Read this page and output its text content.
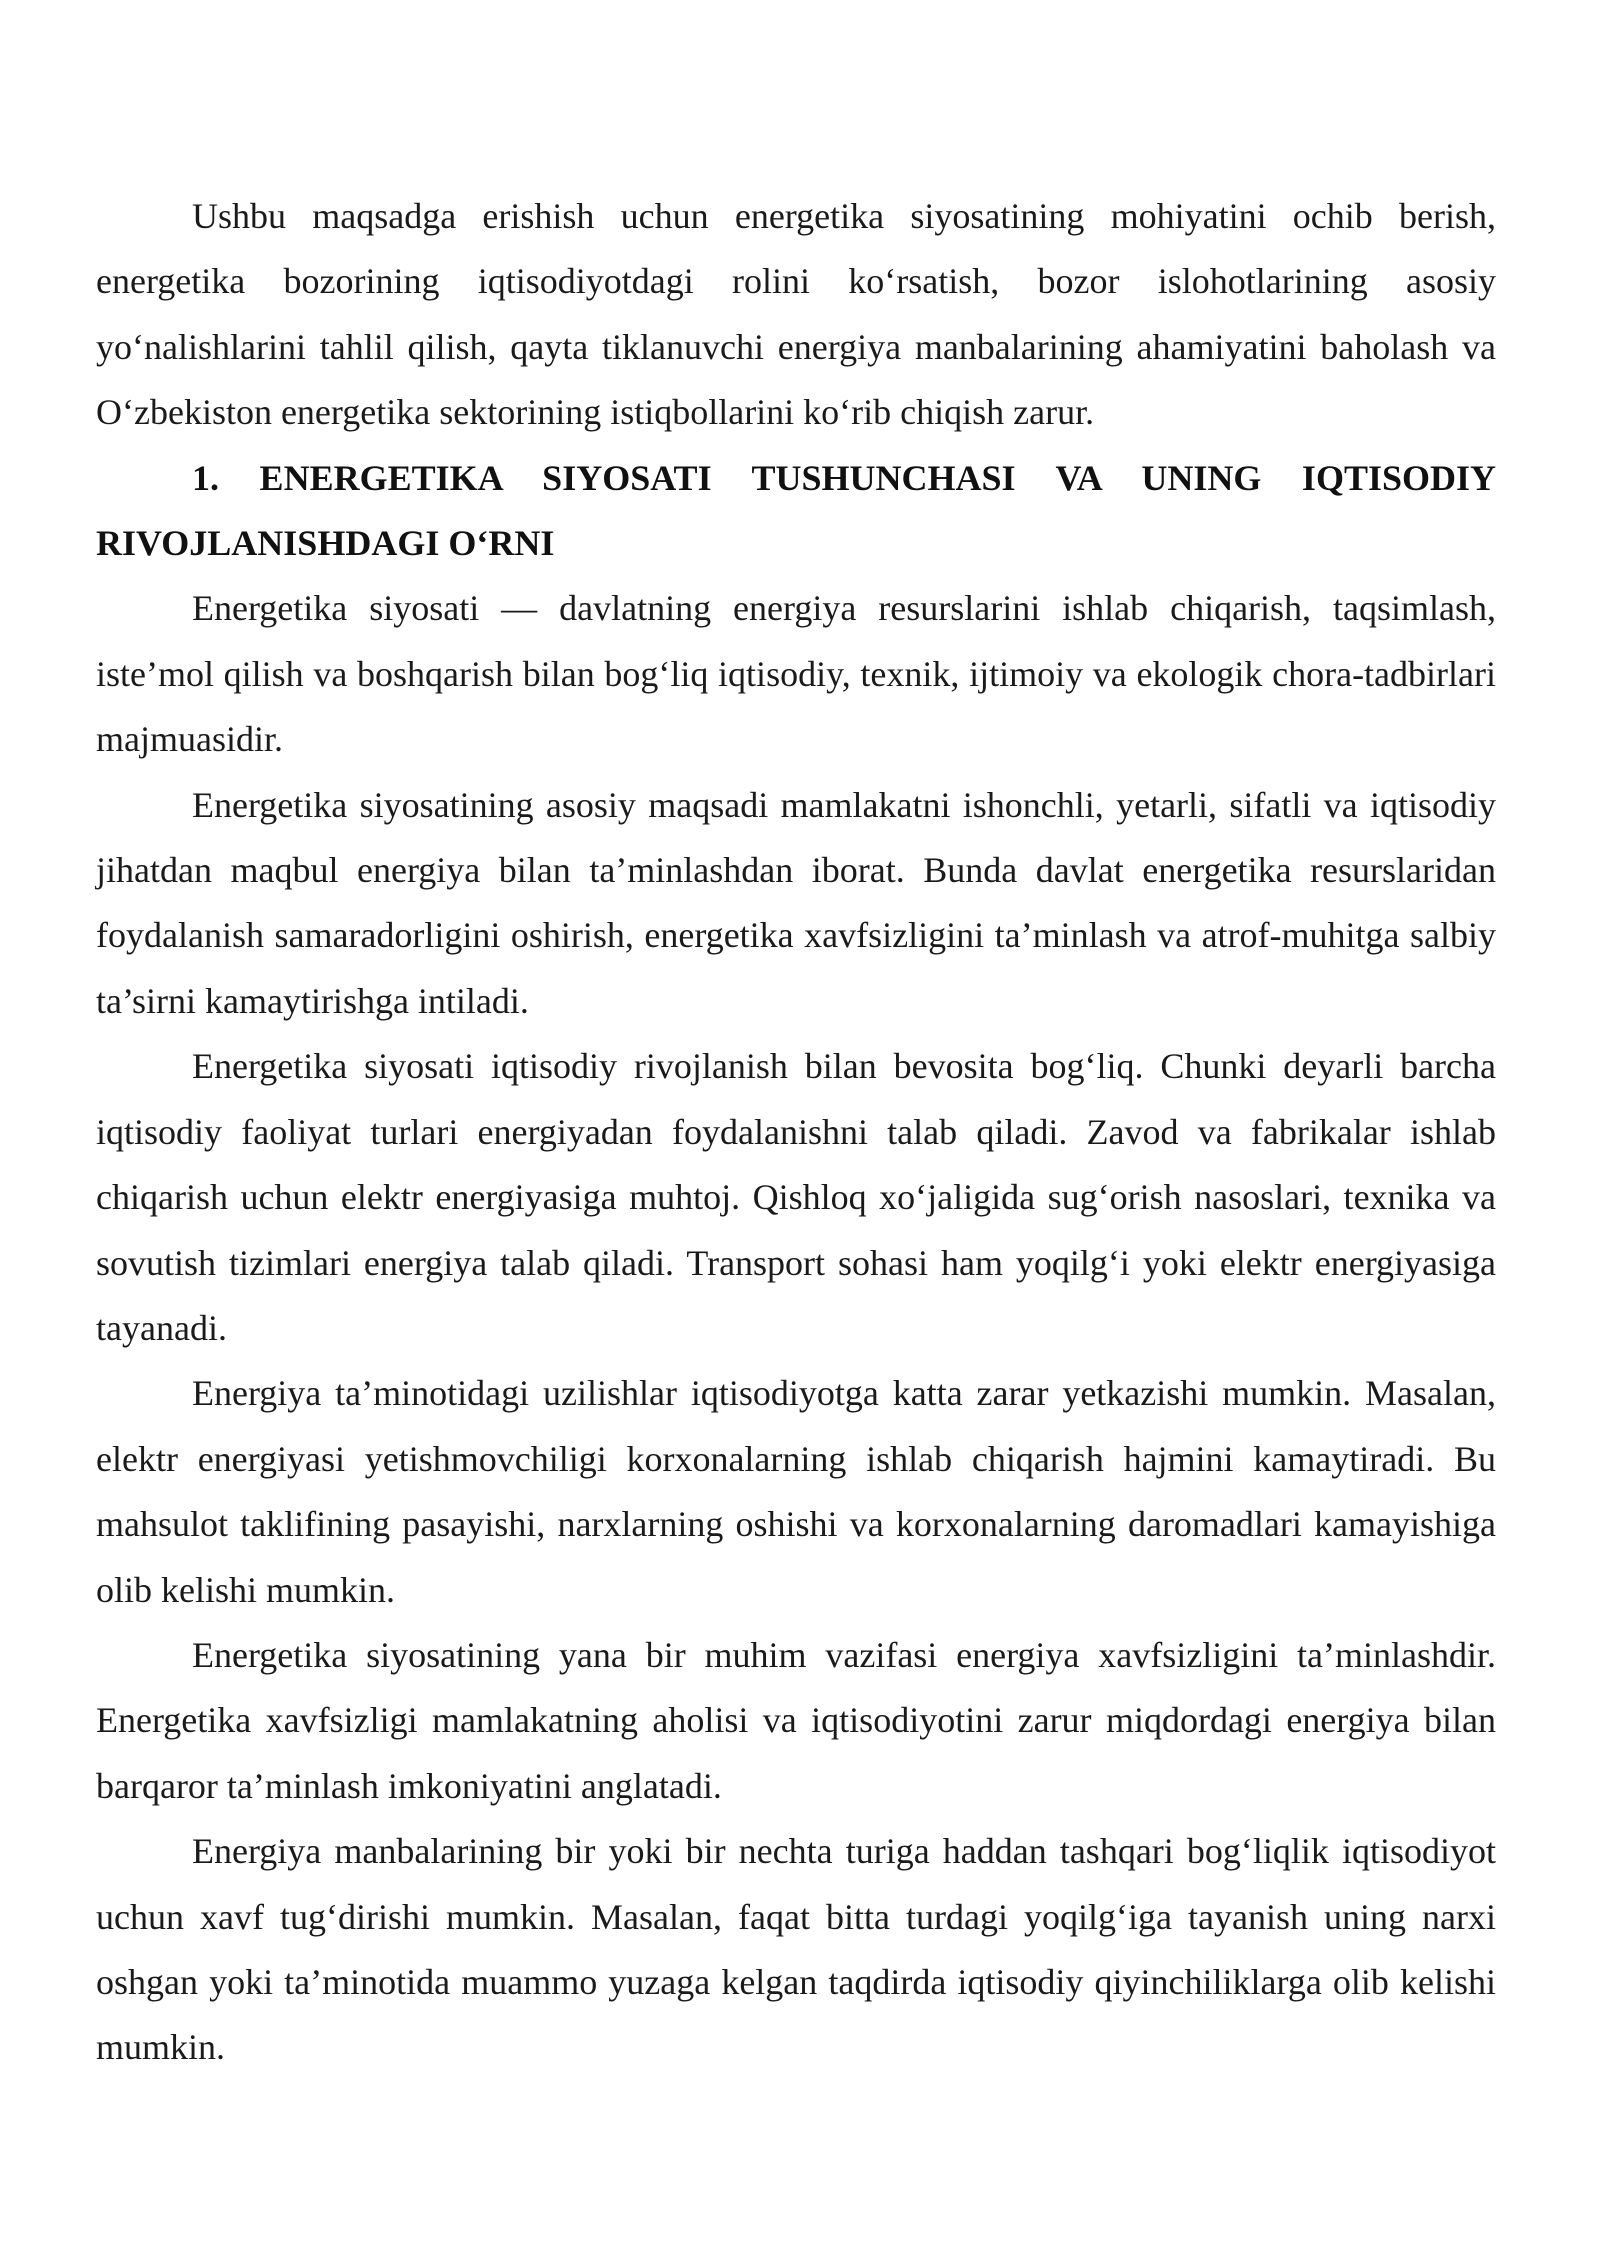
Ushbu maqsadga erishish uchun energetika siyosatining mohiyatini ochib berish, energetika bozorining iqtisodiyotdagi rolini ko‘rsatish, bozor islohotlarining asosiy yo‘nalishlarini tahlil qilish, qayta tiklanuvchi energiya manbalarining ahamiyatini baholash va O‘zbekiston energetika sektorining istiqbollarini ko‘rib chiqish zarur.

1. ENERGETIKA SIYOSATI TUSHUNCHASI VA UNING IQTISODIY RIVOJLANISHDAGI O‘RNI

Energetika siyosati — davlatning energiya resurslarini ishlab chiqarish, taqsimlash, iste’mol qilish va boshqarish bilan bog‘liq iqtisodiy, texnik, ijtimoiy va ekologik chora-tadbirlari majmuasidir.

Energetika siyosatining asosiy maqsadi mamlakatni ishonchli, yetarli, sifatli va iqtisodiy jihatdan maqbul energiya bilan ta’minlashdan iborat. Bunda davlat energetika resurslaridan foydalanish samaradorligini oshirish, energetika xavfsizligini ta’minlash va atrof-muhitga salbiy ta’sirni kamaytirishga intiladi.

Energetika siyosati iqtisodiy rivojlanish bilan bevosita bog‘liq. Chunki deyarli barcha iqtisodiy faoliyat turlari energiyadan foydalanishni talab qiladi. Zavod va fabrikalar ishlab chiqarish uchun elektr energiyasiga muhtoj. Qishloq xo‘jaligida sug‘orish nasoslari, texnika va sovutish tizimlari energiya talab qiladi. Transport sohasi ham yoqilg‘i yoki elektr energiyasiga tayanadi.

Energiya ta’minotidagi uzilishlar iqtisodiyotga katta zarar yetkazishi mumkin. Masalan, elektr energiyasi yetishmovchiligi korxonalarning ishlab chiqarish hajmini kamaytiradi. Bu mahsulot taklifining pasayishi, narxlarning oshishi va korxonalarning daromadlari kamayishiga olib kelishi mumkin.

Energetika siyosatining yana bir muhim vazifasi energiya xavfsizligini ta’minlashdir. Energetika xavfsizligi mamlakatning aholisi va iqtisodiyotini zarur miqdordagi energiya bilan barqaror ta’minlash imkoniyatini anglatadi.

Energiya manbalarining bir yoki bir nechta turiga haddan tashqari bog‘liqlik iqtisodiyot uchun xavf tug‘dirishi mumkin. Masalan, faqat bitta turdagi yoqilg‘iga tayanish uning narxi oshgan yoki ta’minotida muammo yuzaga kelgan taqdirda iqtisodiy qiyinchiliklarga olib kelishi mumkin.
